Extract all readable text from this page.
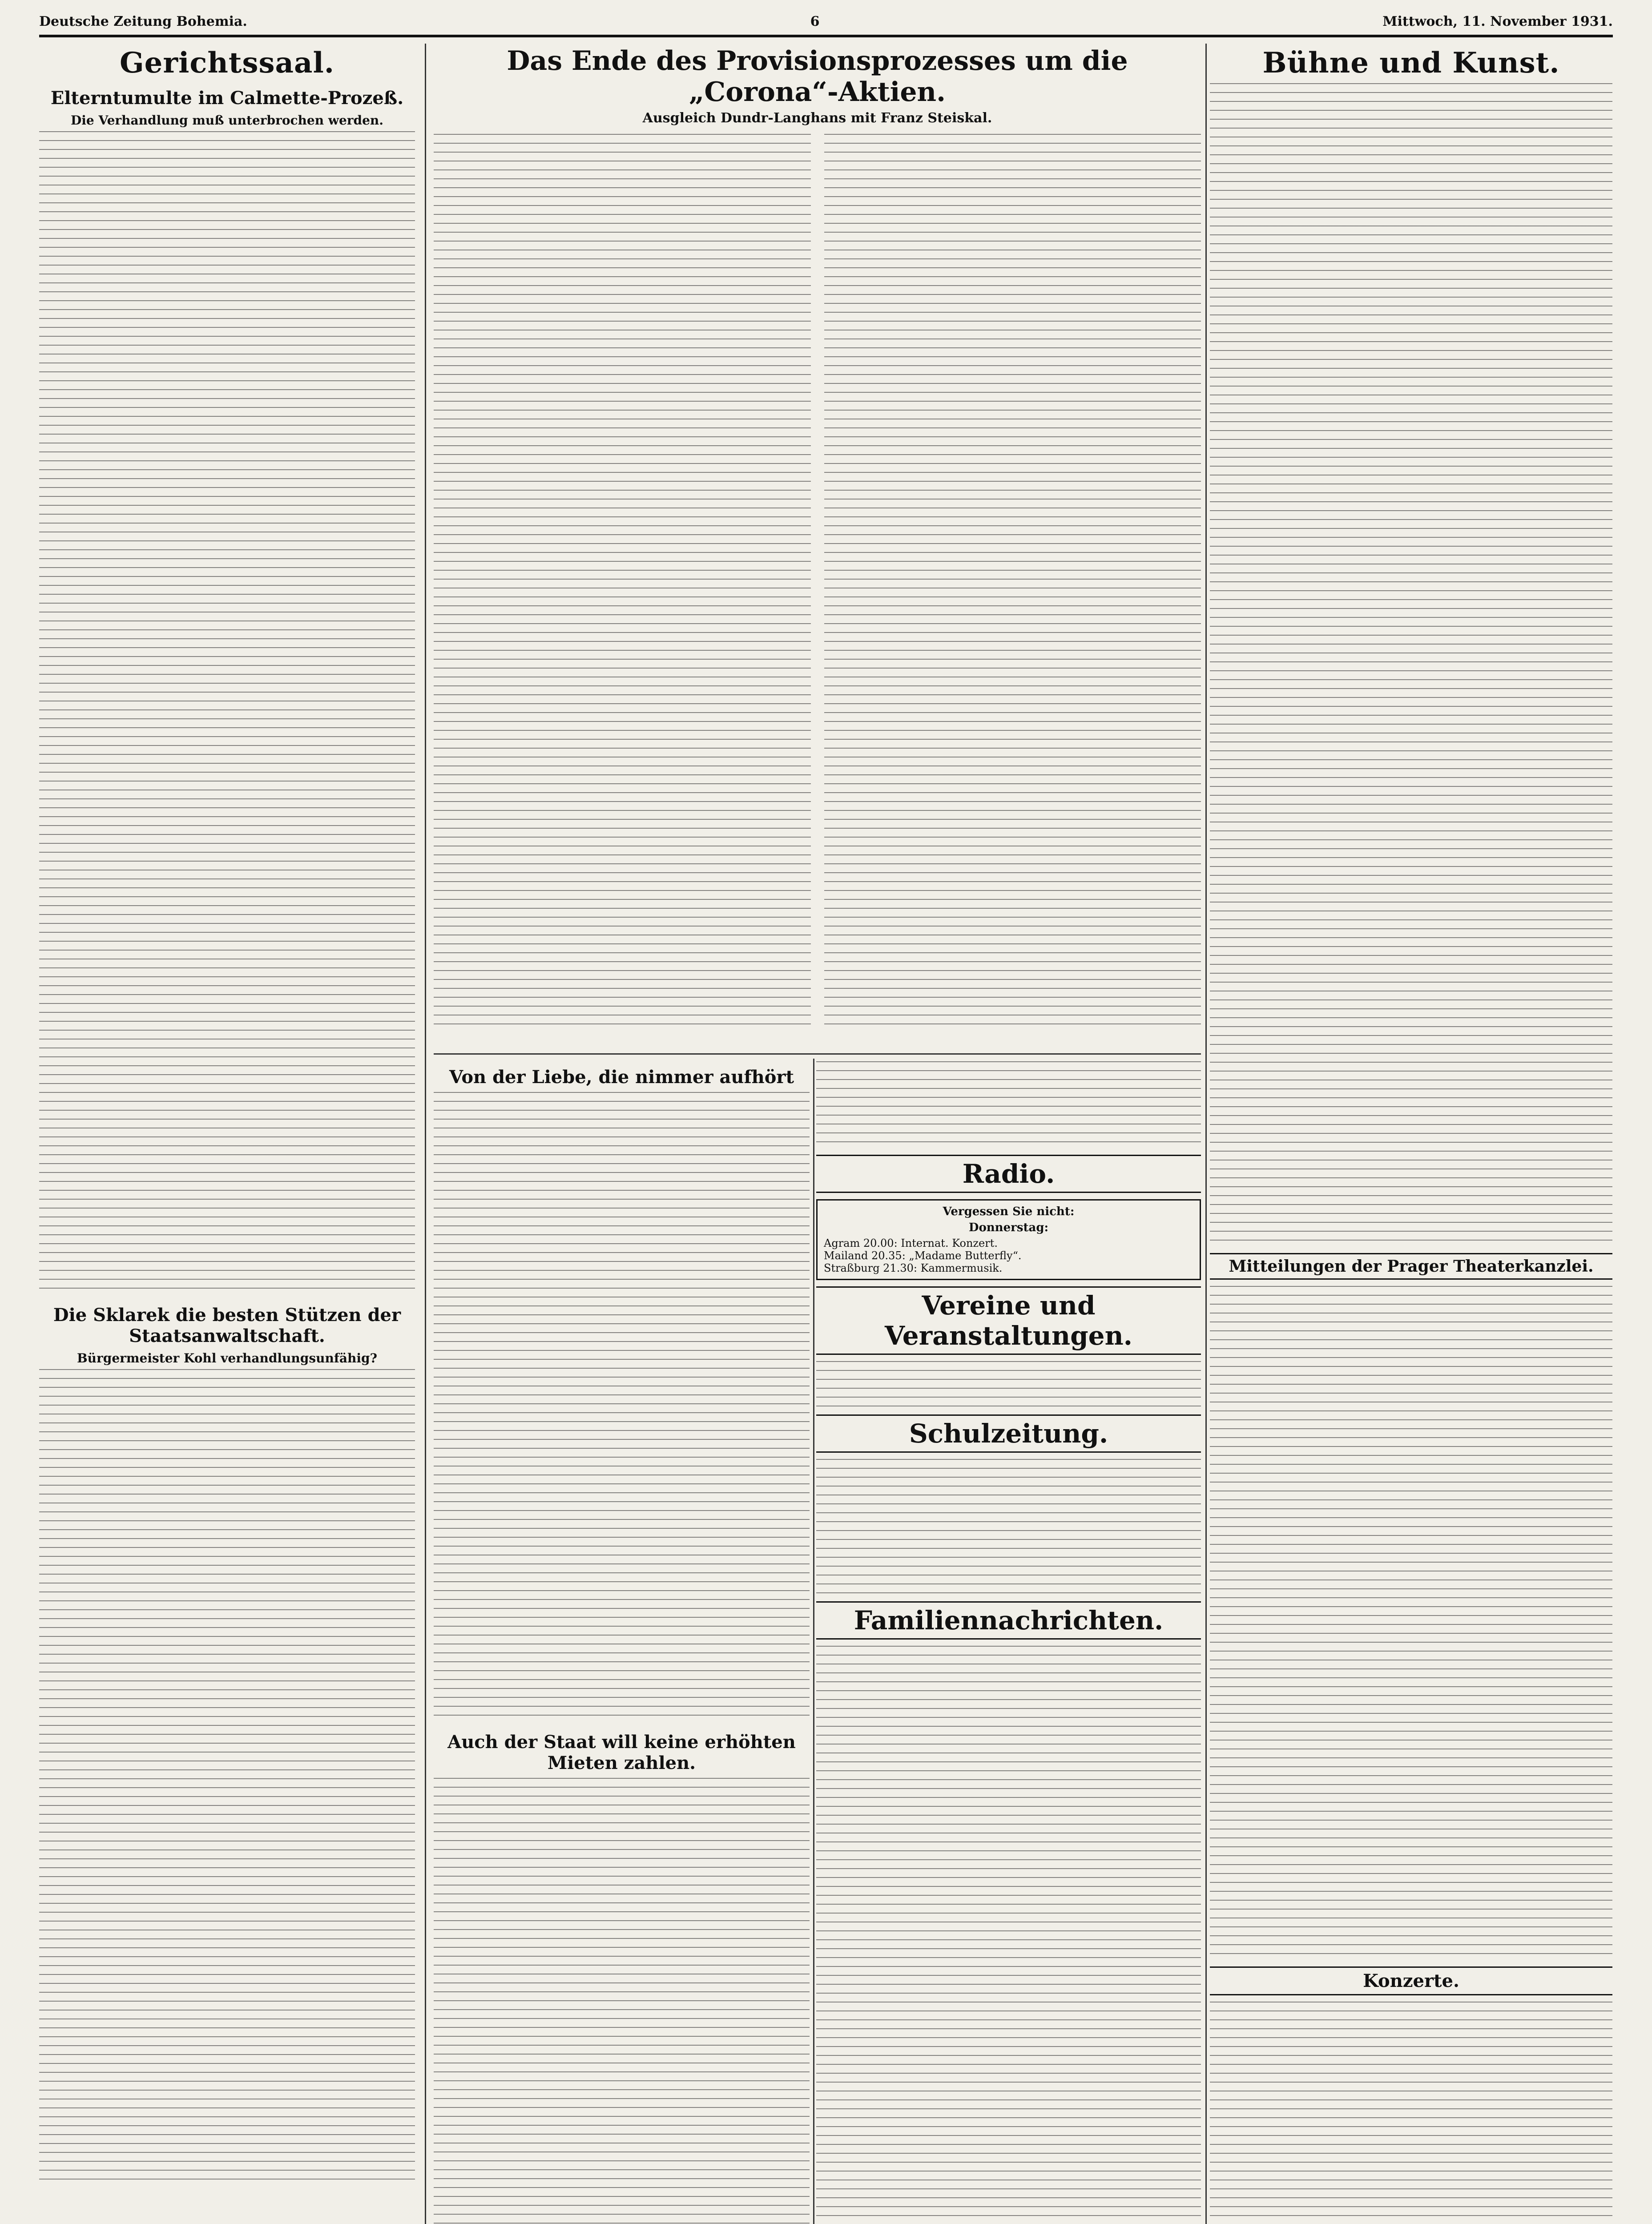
Deutsche Zeitung Bohemia.	6	Mittwoch, 11. November 1931.
Gerichtssaal.
Elterntumulte im Calmette-Prozeß.
Die Verhandlung muß unterbrochen werden.
Die Sklarek die besten Stützen der Staatsanwaltschaft.
Bürgermeister Kohl verhandlungsunfähig?
Das Ende des Provisionsprozesses um die „Corona“-Aktien.
Ausgleich Dundr-Langhans mit Franz Steiskal.
Von der Liebe, die nimmer aufhört
Auch der Staat will keine erhöhten Mieten zahlen.
Radio.
Vergessen Sie nicht:
Donnerstag:
Agram 20.00: Internat. Konzert.
Mailand 20.35: „Madame Butterfly“.
Straßburg 21.30: Kammermusik.
Vereine und Veranstaltungen.
Schulzeitung.
Familiennachrichten.
Bühne und Kunst.
Mitteilungen der Prager Theaterkanzlei.
Konzerte.
